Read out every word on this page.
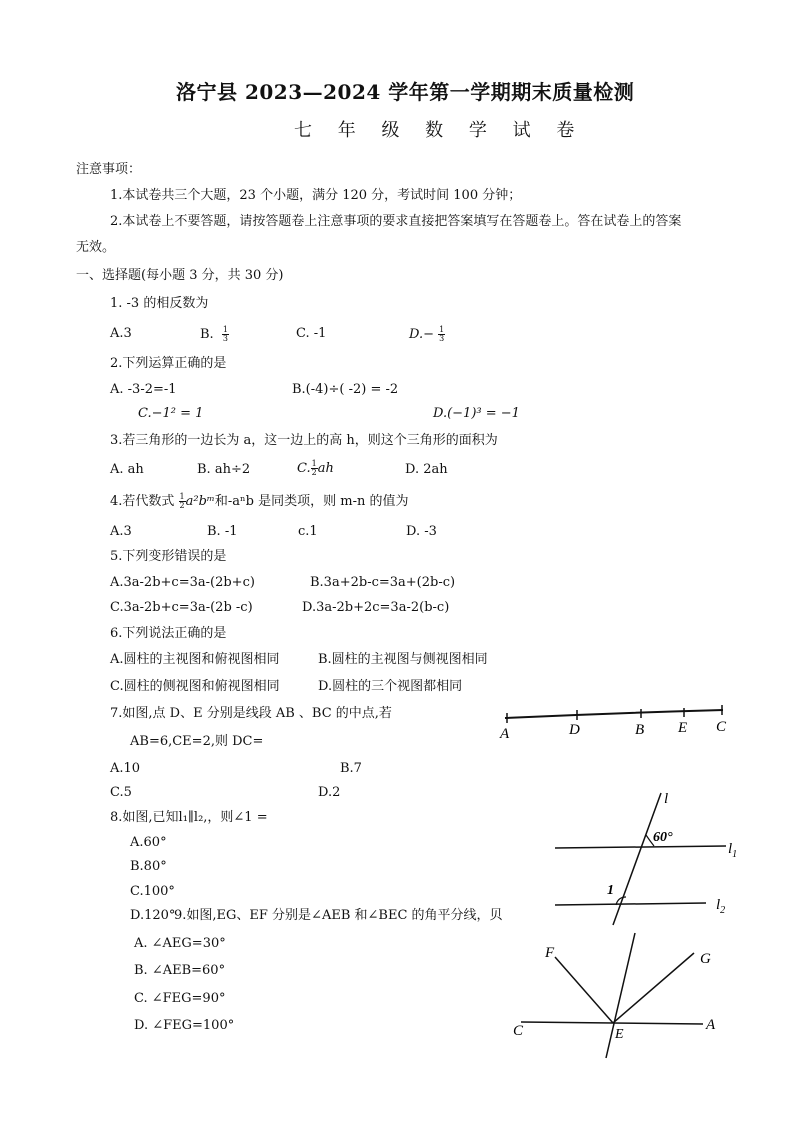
洛宁县 2023—2024 学年第一学期期末质量检测
七 年 级 数 学 试 卷
注意事项：
1.本试卷共三个大题，23 个小题，满分 120 分，考试时间 100 分钟；
2.本试卷上不要答题，请按答题卷上注意事项的要求直接把答案填写在答题卷上。答在试卷上的答案
无效。
一、选择题(每小题 3 分，共 30 分)
1. -3 的相反数为
A.3	B. $\frac{1}{3}$	C. -1	$D.- \frac{1}{3}$
2.下列运算正确的是
A. -3-2=-1	B.(-4)÷( -2) = -2
C.−1² = 1	D.(−1)³ = −1
3.若三角形的一边长为 a，这一边上的高 h，则这个三角形的面积为
A. ah	B. ah÷2	C. $\frac{1}{2}$ ah	D. 2ah
4.若代数式 $\frac{1}{2}$ a²bᵐ和-aⁿb 是同类项，则 m-n 的值为
A.3	B. -1	c.1	D. -3
5.下列变形错误的是
A.3a-2b+c=3a-(2b+c)	B.3a+2b-c=3a+(2b-c)
C.3a-2b+c=3a-(2b -c)	D.3a-2b+2c=3a-2(b-c)
6.下列说法正确的是
A.圆柱的主视图和俯视图相同	B.圆柱的主视图与侧视图相同
C.圆柱的侧视图和俯视图相同	D.圆柱的三个视图都相同
7.如图,点 D、E 分别是线段 AB 、BC 的中点,若
AB=6,CE=2,则 DC=
A.10	B.7
C.5	D.2
A	D	B E C
8.如图,已知l₁∥l₂,，则∠1 =
A.60°
B.80°
C.100°
D.120°
l
60°
$l_1$
$l_2$
1
9.如图,EG、EF 分别是∠AEB 和∠BEC 的角平分线，贝
A. ∠AEG=30°
B. ∠AEB=60°
C. ∠FEG=90°
D. ∠FEG=100°
F	G
C	E
A
